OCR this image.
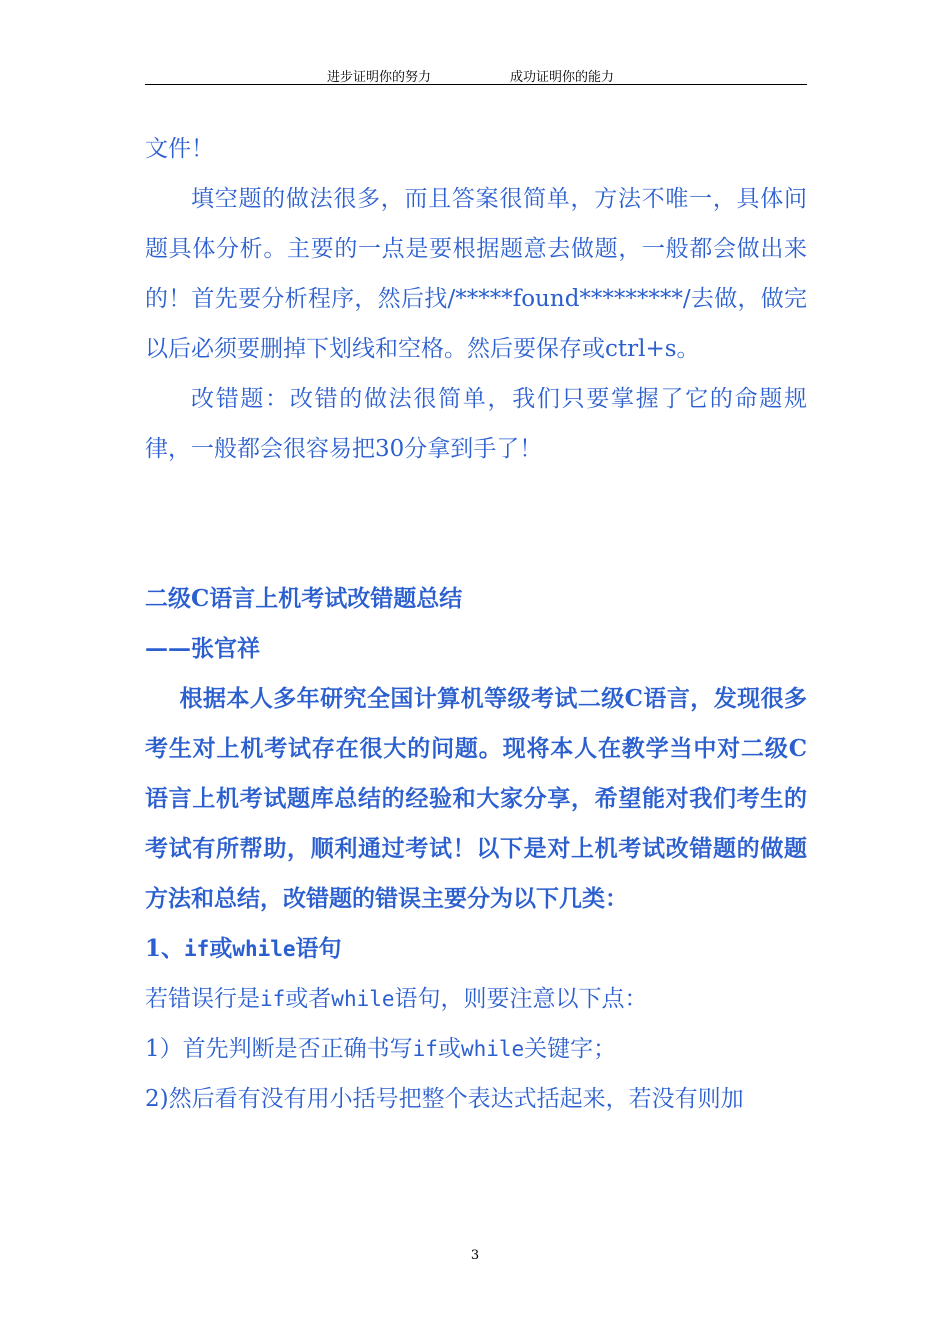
进步证明你的努力	成功证明你的能力

文件！

填空题的做法很多，而且答案很简单，方法不唯一，具体问题具体分析。主要的一点是要根据题意去做题，一般都会做出来的！首先要分析程序，然后找/*****found*********/去做，做完以后必须要删掉下划线和空格。然后要保存或ctrl+s。

改错题：改错的做法很简单，我们只要掌握了它的命题规律，一般都会很容易把30分拿到手了！

二级C语言上机考试改错题总结

——张官祥

根据本人多年研究全国计算机等级考试二级C语言，发现很多考生对上机考试存在很大的问题。现将本人在教学当中对二级C语言上机考试题库总结的经验和大家分享，希望能对我们考生的考试有所帮助，顺利通过考试！以下是对上机考试改错题的做题方法和总结，改错题的错误主要分为以下几类：

1、if或while语句

若错误行是if或者while语句，则要注意以下点：

1）首先判断是否正确书写if或while关键字；

2)然后看有没有用小括号把整个表达式括起来，若没有则加

3
